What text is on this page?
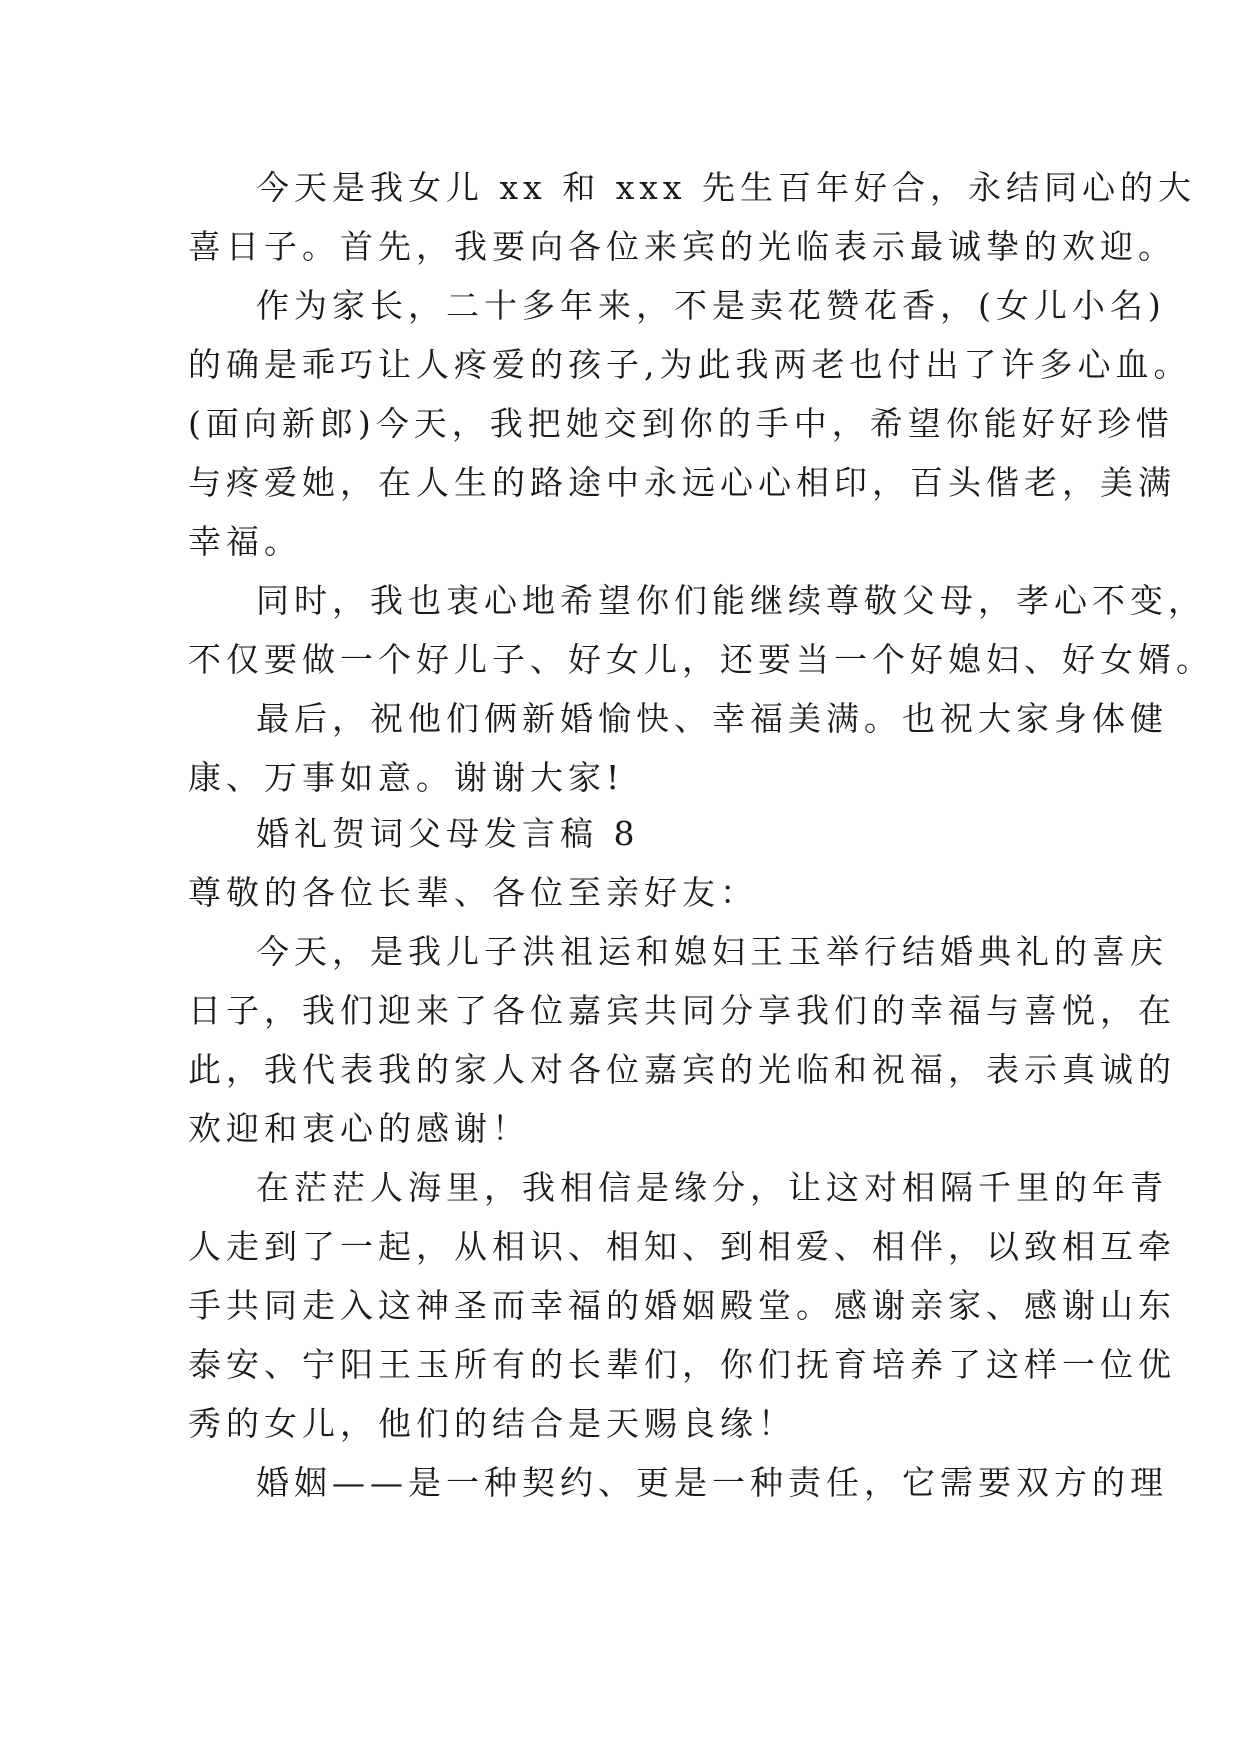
今天是我女儿 xx 和 xxx 先生百年好合，永结同心的大
喜日子。首先，我要向各位来宾的光临表示最诚挚的欢迎。
作为家长，二十多年来，不是卖花赞花香，(女儿小名)
的确是乖巧让人疼爱的孩子,为此我两老也付出了许多心血。
(面向新郎)今天，我把她交到你的手中，希望你能好好珍惜
与疼爱她，在人生的路途中永远心心相印，百头偕老，美满
幸福。
同时，我也衷心地希望你们能继续尊敬父母，孝心不变，
不仅要做一个好儿子、好女儿，还要当一个好媳妇、好女婿。
最后，祝他们俩新婚愉快、幸福美满。也祝大家身体健
康、万事如意。谢谢大家!
婚礼贺词父母发言稿 8
尊敬的各位长辈、各位至亲好友：
今天，是我儿子洪祖运和媳妇王玉举行结婚典礼的喜庆
日子，我们迎来了各位嘉宾共同分享我们的幸福与喜悦，在
此，我代表我的家人对各位嘉宾的光临和祝福，表示真诚的
欢迎和衷心的感谢！
在茫茫人海里，我相信是缘分，让这对相隔千里的年青
人走到了一起，从相识、相知、到相爱、相伴，以致相互牵
手共同走入这神圣而幸福的婚姻殿堂。感谢亲家、感谢山东
泰安、宁阳王玉所有的长辈们，你们抚育培养了这样一位优
秀的女儿，他们的结合是天赐良缘！
婚姻——是一种契约、更是一种责任，它需要双方的理
